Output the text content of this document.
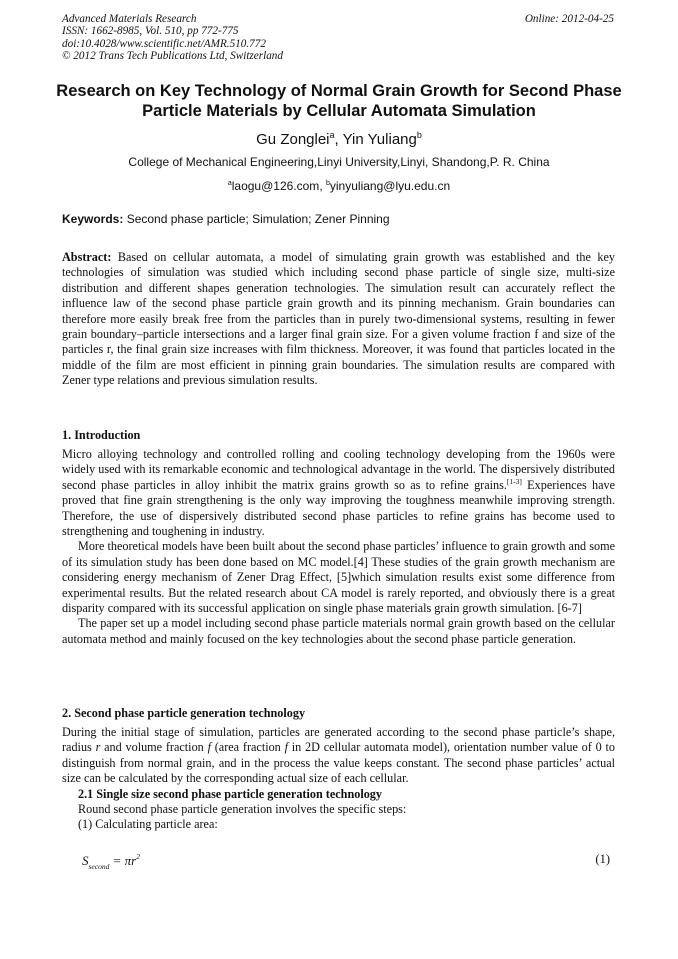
Advanced Materials Research
ISSN: 1662-8985, Vol. 510, pp 772-775
doi:10.4028/www.scientific.net/AMR.510.772
© 2012 Trans Tech Publications Ltd, Switzerland
Online: 2012-04-25
Research on Key Technology of Normal Grain Growth for Second Phase
Particle Materials by Cellular Automata Simulation
Gu Zonglei$^a$, Yin Yuliang$^b$
College of Mechanical Engineering,Linyi University,Linyi, Shandong,P. R. China
$^a$laogu@126.com, $^b$yinyuliang@lyu.edu.cn
Keywords: Second phase particle; Simulation; Zener Pinning

Abstract: Based on cellular automata, a model of simulating grain growth was established and the key technologies of simulation was studied which including second phase particle of single size, multi-size distribution and different shapes generation technologies. The simulation result can accurately reflect the influence law of the second phase particle grain growth and its pinning mechanism. Grain boundaries can therefore more easily break free from the particles than in purely two-dimensional systems, resulting in fewer grain boundary–particle intersections and a larger final grain size. For a given volume fraction f and size of the particles r, the final grain size increases with film thickness. Moreover, it was found that particles located in the middle of the film are most efficient in pinning grain boundaries. The simulation results are compared with Zener type relations and previous simulation results.

1. Introduction

Micro alloying technology and controlled rolling and cooling technology developing from the 1960s were widely used with its remarkable economic and technological advantage in the world. The dispersively distributed second phase particles in alloy inhibit the matrix grains growth so as to refine grains.[1-3] Experiences have proved that fine grain strengthening is the only way improving the toughness meanwhile improving strength. Therefore, the use of dispersively distributed second phase particles to refine grains has become used to strengthening and toughening in industry.

More theoretical models have been built about the second phase particles’ influence to grain growth and some of its simulation study has been done based on MC model.[4] These studies of the grain growth mechanism are considering energy mechanism of Zener Drag Effect, [5]which simulation results exist some difference from experimental results. But the related research about CA model is rarely reported, and obviously there is a great disparity compared with its successful application on single phase materials grain growth simulation. [6-7]

The paper set up a model including second phase particle materials normal grain growth based on the cellular automata method and mainly focused on the key technologies about the second phase particle generation.

2. Second phase particle generation technology

During the initial stage of simulation, particles are generated according to the second phase particle’s shape, radius r and volume fraction f (area fraction f in 2D cellular automata model), orientation number value of 0 to distinguish from normal grain, and in the process the value keeps constant. The second phase particles’ actual size can be calculated by the corresponding actual size of each cellular.

2.1 Single size second phase particle generation technology

Round second phase particle generation involves the specific steps:

(1) Calculating particle area:

$S_{second} = \pi r^2$	(1)
